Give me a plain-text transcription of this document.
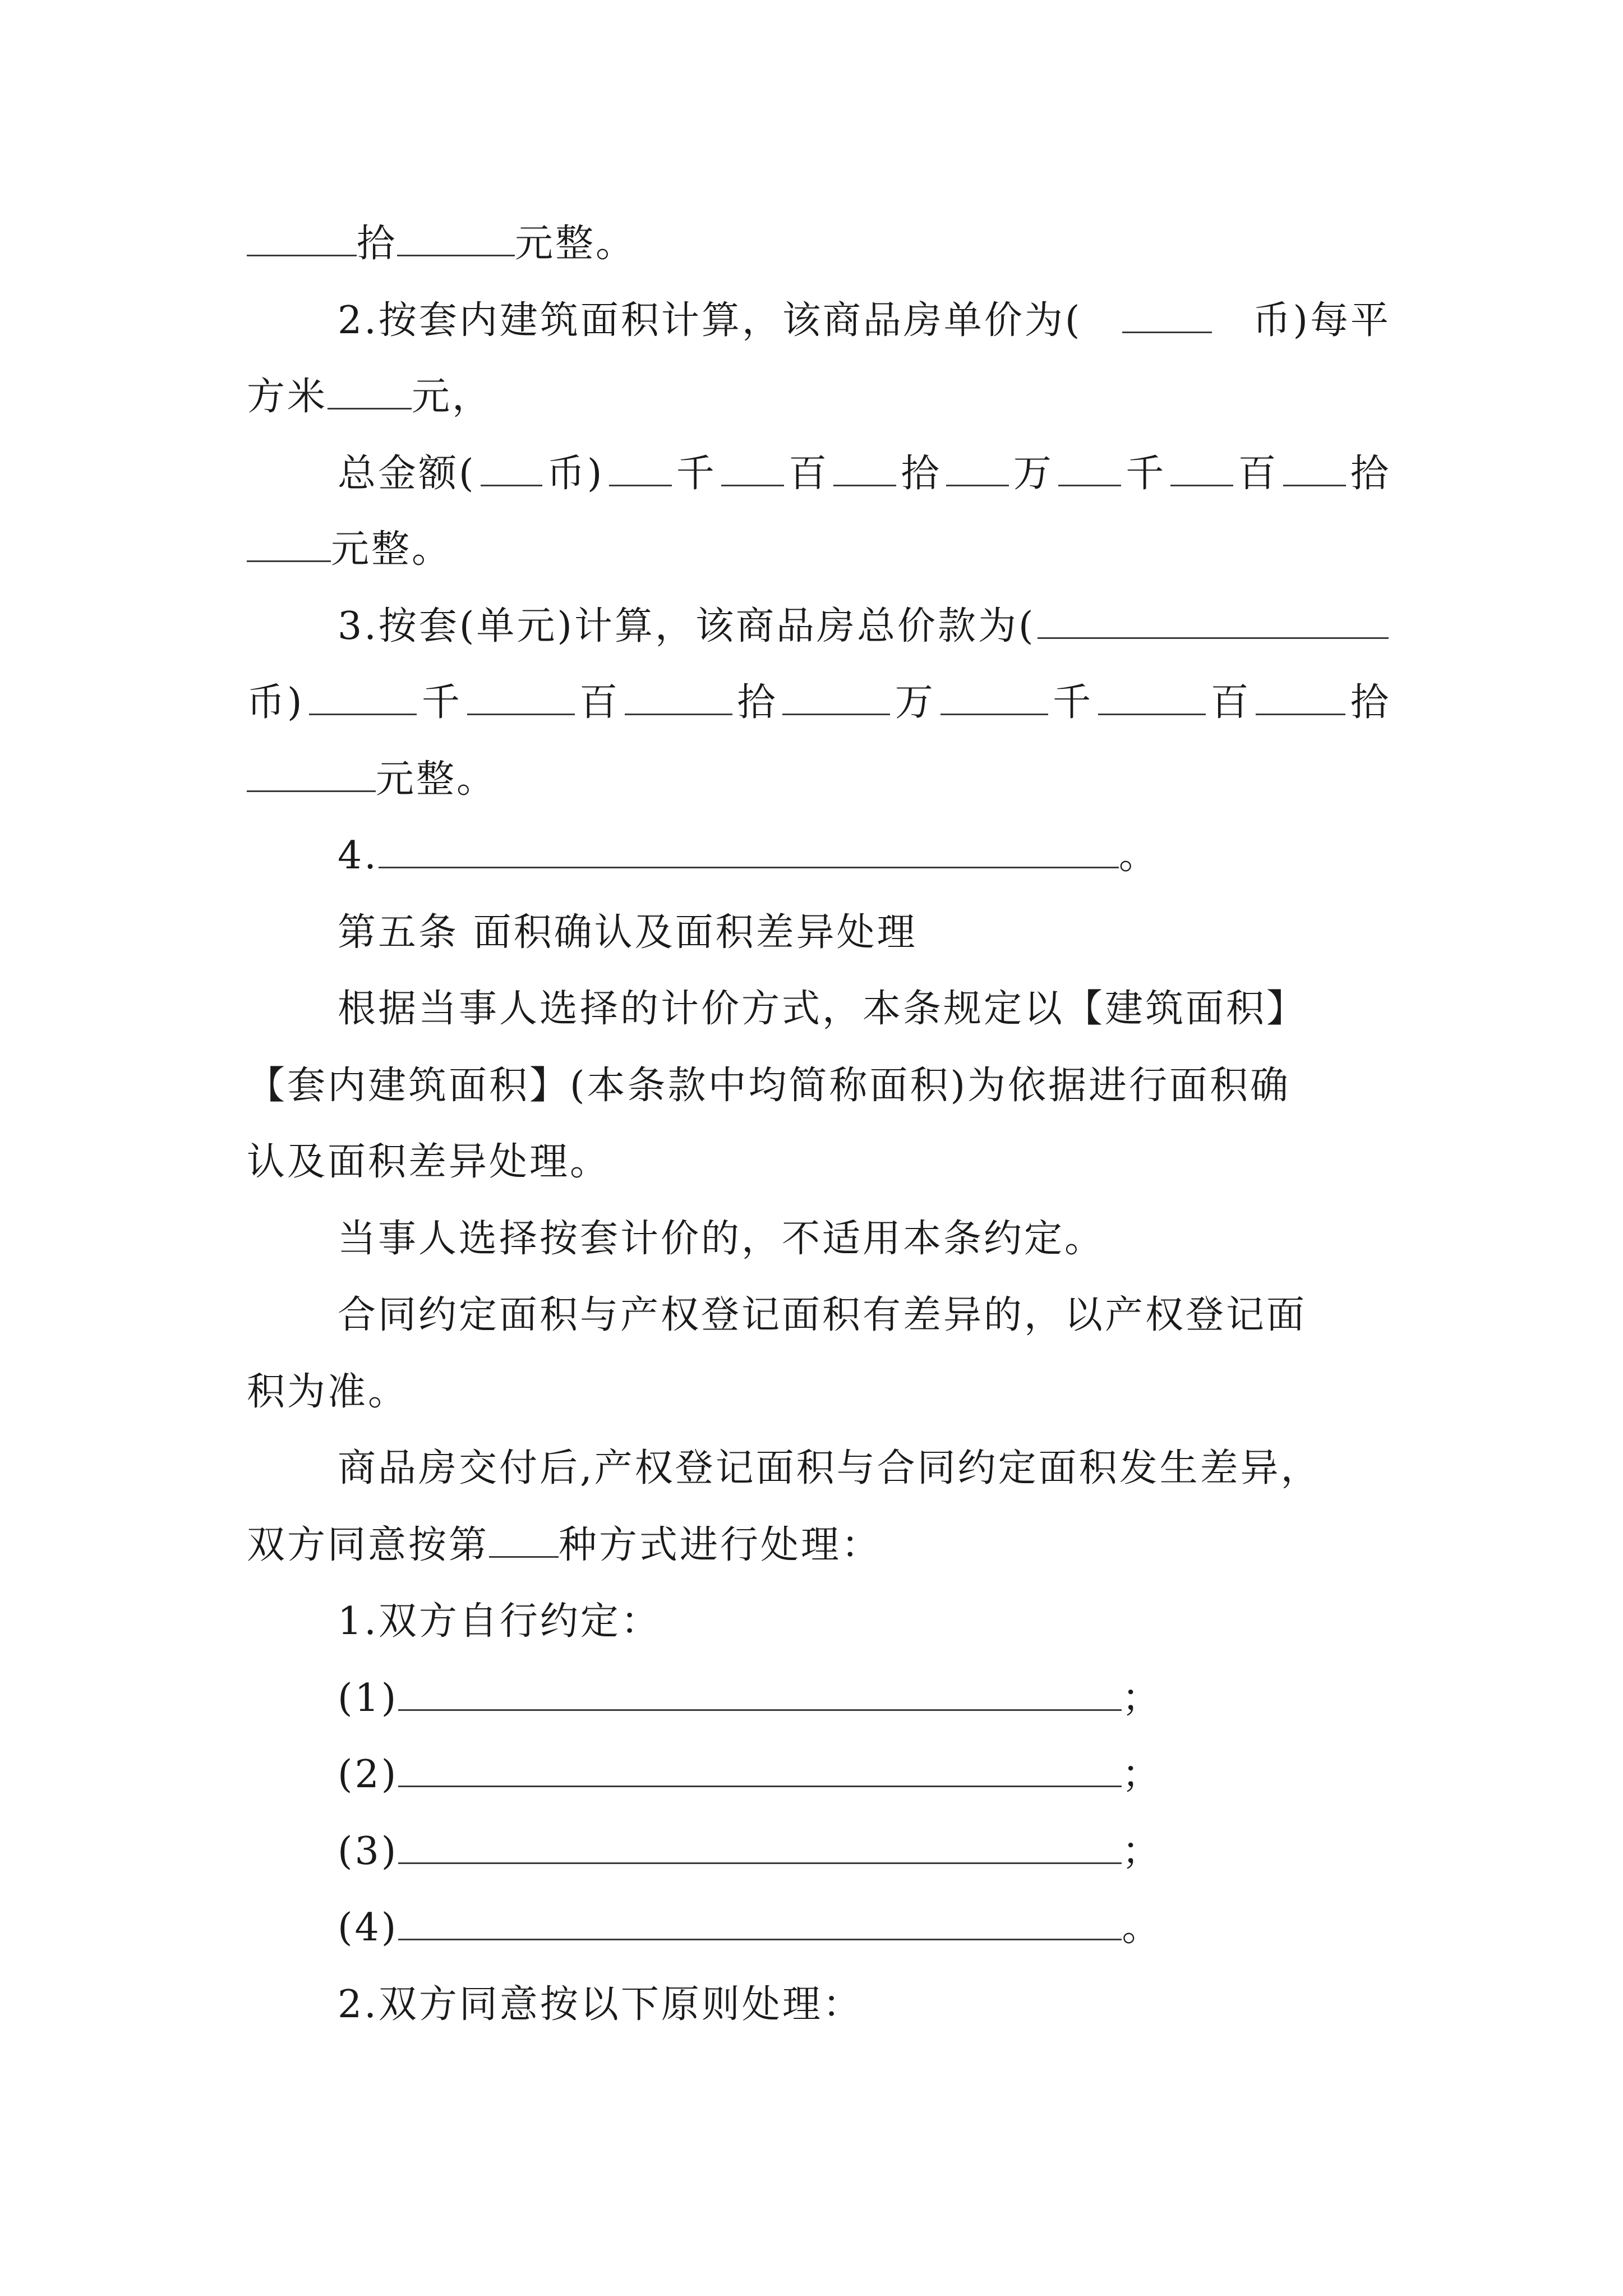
拾	元整。
2.按套内建筑面积计算，该商品房单价为(	币)每平
方米 元，
总金额( 币) 千 百 拾 万 千 百 拾
元整。
3.按套(单元)计算，该商品房总价款为(
币)	千	百	拾	万	千	百	拾
元整。
4.	。
第五条 面积确认及面积差异处理
根据当事人选择的计价方式，本条规定以【建筑面积】
【套内建筑面积】(本条款中均简称面积)为依据进行面积确
认及面积差异处理。
当事人选择按套计价的，不适用本条约定。
合同约定面积与产权登记面积有差异的，以产权登记面
积为准。
商品房交付后,产权登记面积与合同约定面积发生差异，
双方同意按第 种方式进行处理：
1.双方自行约定：
(1)	；
(2)	；
(3)	；
(4)	。
2.双方同意按以下原则处理：
